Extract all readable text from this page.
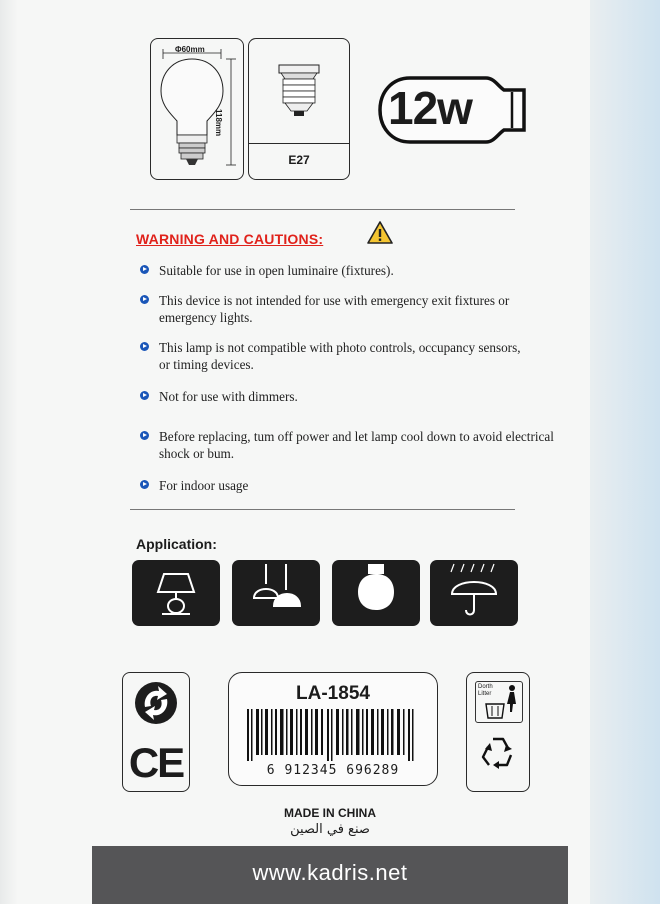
Φ60mm
118mm
E27
12w
WARNING AND CAUTIONS:
Suitable for use in open luminaire (fixtures).
This device is not intended for use with emergency exit fixtures or emergency lights.
This lamp is not compatible with photo controls, occupancy sensors, or timing devices.
Not for use with dimmers.
Before replacing, tum off power and let lamp cool down to avoid electrical shock or bum.
For indoor usage
Application:
CE
LA-1854
6 912345 696289
Dorth
Litter
MADE IN CHINA
صنع في الصين
www.kadris.net
